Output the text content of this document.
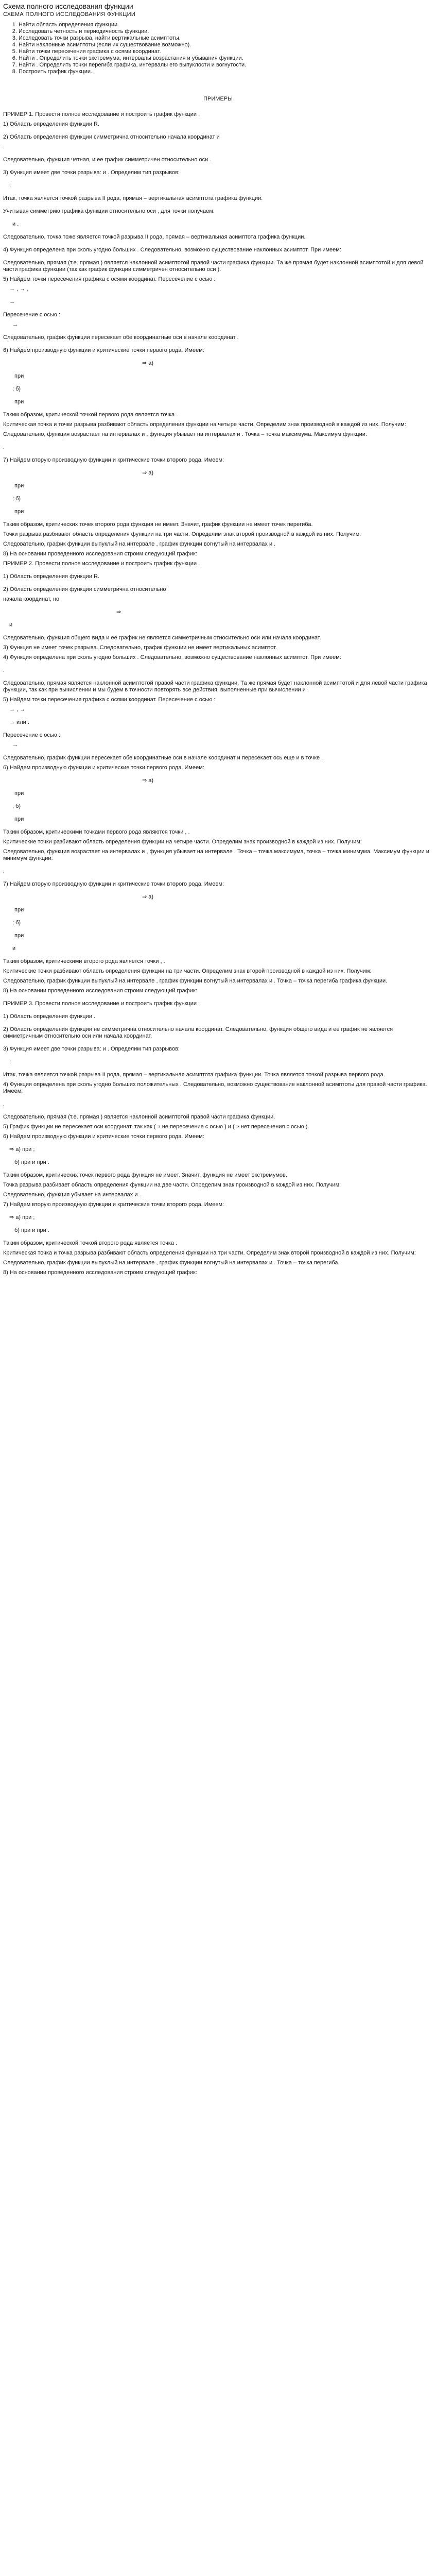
Схема полного исследования функции
СХЕМА ПОЛНОГО ИССЛЕДОВАНИЯ ФУНКЦИИ
1. Найти область определения функции.
2. Исследовать четность и периодичность функции.
3. Исследовать точки разрыва, найти вертикальные асимптоты.
4. Найти наклонные асимптоты (если их существование возможно).
5. Найти точки пересечения графика с осями координат.
6. Найти . Определить точки экстремума, интервалы возрастания и убывания функции.
7. Найти . Определить точки перегиба графика, интервалы его выпуклости и вогнутости.
8. Построить график функции.
ПРИМЕРЫ

ПРИМЕР 1. Провести полное исследование и построить график функции .

1) Область определения функции R.

2) Область определения функции симметрична относительно начала координат и

.

Следовательно, функция четная, и ее график симметричен относительно оси .

3) Функция имеет две точки разрыва: и . Определим тип разрывов:

;

Итак, точка является точкой разрыва II рода, прямая – вертикальная асимптота графика функции.

Учитывая симметрию графика функции относительно оси , для точки получаем:

и .

Следовательно, точка тоже является точкой разрыва II рода, прямая – вертикальная асимптота графика функции.

4) Функция определена при сколь угодно больших . Следовательно, возможно существование наклонных асимптот. При имеем:

Следовательно, прямая (т.е. прямая ) является наклонной асимптотой правой части графика функции. Та же прямая будет наклонной асимптотой и для левой части графика функции (так как график функции симметричен относительно оси ).

5) Найдем точки пересечения графика с осями координат. Пересечение с осью :

→ , → ,

→

Пересечение с осью :

→

Следовательно, график функции пересекает обе координатные оси в начале координат .

6) Найдем производную функции и критические точки первого рода. Имеем:

⇒ а)

при

; б)

при

Таким образом, критической точкой первого рода является точка .

Критическая точка и точки разрыва разбивают область определения функции на четыре части. Определим знак производной в каждой из них. Получим:

Следовательно, функция возрастает на интервалах и , функция убывает на интервалах и . Точка – точка максимума. Максимум функции:

.

7) Найдем вторую производную функции и критические точки второго рода. Имеем:

⇒ а)

при

; б)

при

Таким образом, критических точек второго рода функция не имеет. Значит, график функции не имеет точек перегиба.

Точки разрыва разбивают область определения функции на три части. Определим знак второй производной в каждой из них. Получим:

Следовательно, график функции выпуклый на интервале , график функции вогнутый на интервалах и .

8) На основании проведенного исследования строим следующий график:

ПРИМЕР 2. Провести полное исследование и построить график функции .

1) Область определения функции R.

2) Область определения функции симметрична относительно

начала координат, но

⇒

и

Следовательно, функция общего вида и ее график не является симметричным относительно оси или начала координат.

3) Функция не имеет точек разрыва. Следовательно, график функции не имеет вертикальных асимптот.

4) Функция определена при сколь угодно больших . Следовательно, возможно существование наклонных асимптот. При имеем:

.

Следовательно, прямая является наклонной асимптотой правой части графика функции. Та же прямая будет наклонной асимптотой и для левой части графика функции, так как при вычислении и мы будем в точности повторять все действия, выполненные при вычислении и .

5) Найдем точки пересечения графика с осями координат. Пересечение с осью :

→ , →

→ или .

Пересечение с осью :

→

Следовательно, график функции пересекает обе координатные оси в начале координат и пересекает ось еще и в точке .

6) Найдем производную функции и критические точки первого рода. Имеем:

⇒ а)

при

; б)

при

Таким образом, критическими точками первого рода являются точки , .

Критические точки разбивают область определения функции на четыре части. Определим знак производной в каждой из них. Получим:

Следовательно, функция возрастает на интервалах и , функция убывает на интервале . Точка – точка максимума, точка – точка минимума. Максимум функции и минимум функции:

.

7) Найдем вторую производную функции и критические точки второго рода. Имеем:

⇒ а)

при

; б)

при

и

Таким образом, критическими второго рода является точки , .

Критические точки разбивают область определения функции на три части. Определим знак второй производной в каждой из них. Получим:

Следовательно, график функции выпуклый на интервале , график функции вогнутый на интервалах и . Точка – точка перегиба графика функции.

8) На основании проведенного исследования строим следующий график:

ПРИМЕР 3. Провести полное исследование и построить график функции .

1) Область определения функции .

2) Область определения функции не симметрична относительно начала координат. Следовательно, функция общего вида и ее график не является симметричным относительно оси или начала координат.

3) Функция имеет две точки разрыва: и . Определим тип разрывов:

;

Итак, точка является точкой разрыва II рода, прямая – вертикальная асимптота графика функции. Точка является точкой разрыва первого рода.

4) Функция определена при сколь угодно больших положительных . Следовательно, возможно существование наклонной асимптоты для правой части графика. Имеем:

.

Следовательно, прямая (т.е. прямая ) является наклонной асимптотой правой части графика функции.

5) График функции не пересекает оси координат, так как (⇒ не пересечение с осью ) и (⇒ нет пересечения с осью ).

6) Найдем производную функции и критические точки первого рода. Имеем:

⇒ а) при ;

б) при и при .

Таким образом, критических точек первого рода функция не имеет. Значит, функция не имеет экстремумов.

Точка разрыва разбивает область определения функции на две части. Определим знак производной в каждой из них. Получим:

Следовательно, функция убывает на интервалах и .

7) Найдем вторую производную функции и критические точки второго рода. Имеем:

⇒ а) при ;

б) при и при .

Таким образом, критической точкой второго рода является точка .

Критическая точка и точка разрыва разбивают область определения функции на три части. Определим знак второй производной в каждой из них. Получим:

Следовательно, график функции выпуклый на интервале , график функции вогнутый на интервалах и . Точка – точка перегиба.

8) На основании проведенного исследования строим следующий график:
